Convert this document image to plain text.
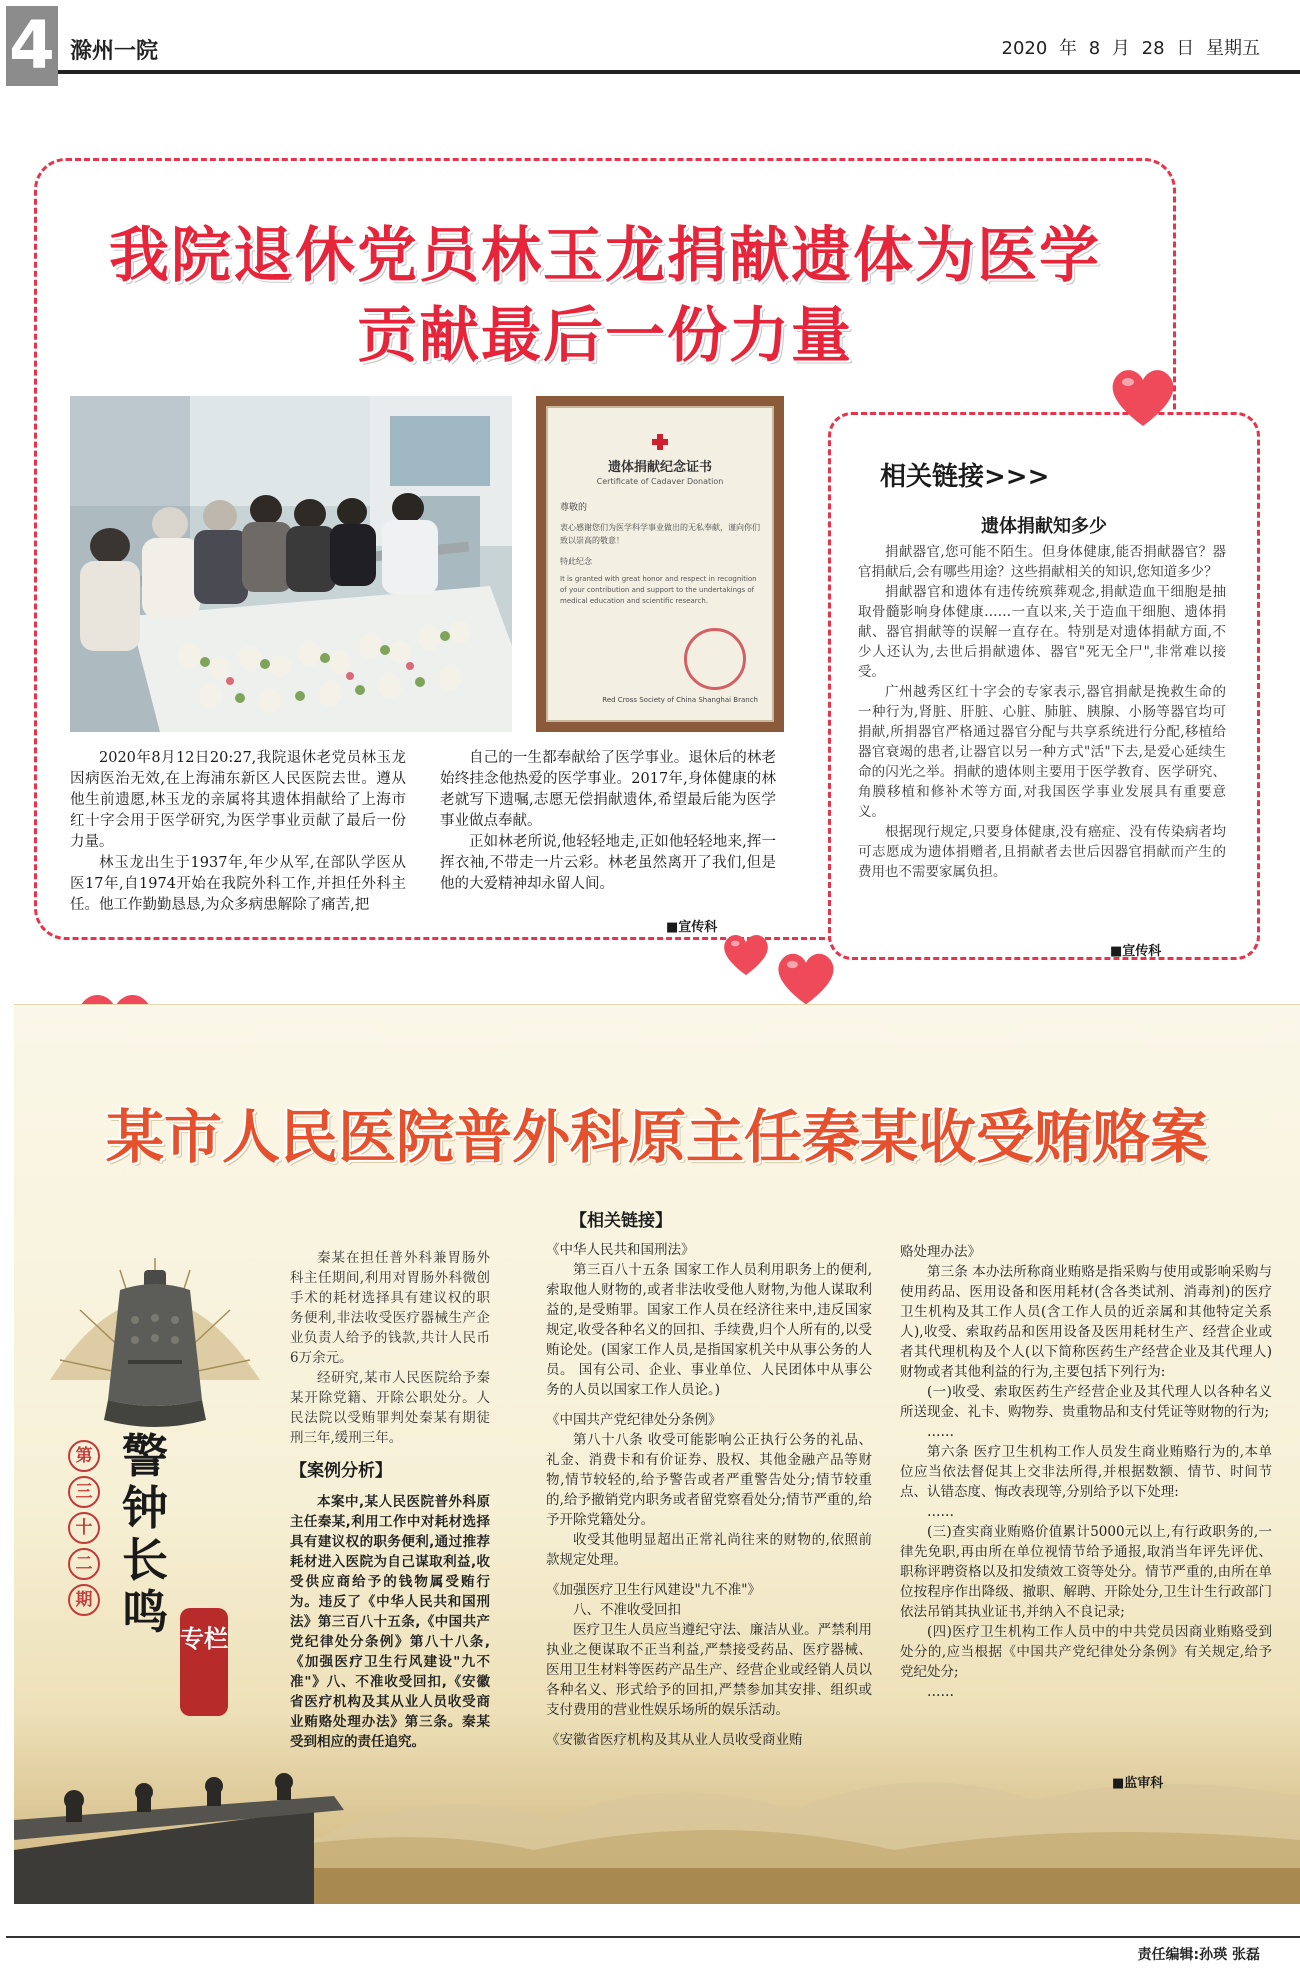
4 滁州一院	2020 年 8 月 28 日 星期五
我院退休党员林玉龙捐献遗体为医学
贡献最后一份力量
遗体捐献纪念证书
Certificate of Cadaver Donation
尊敬的
衷心感谢您们为医学科学事业做出的无私奉献，谨向你们致以崇高的敬意！
特此纪念
It is granted with great honor and respect in recognition of your contribution and support to the undertakings of medical education and scientific research.
Red Cross Society of China Shanghai Branch

2020年8月12日20:27,我院退休老党员林玉龙因病医治无效,在上海浦东新区人民医院去世。遵从他生前遗愿,林玉龙的亲属将其遗体捐献给了上海市红十字会用于医学研究,为医学事业贡献了最后一份力量。

林玉龙出生于1937年,年少从军,在部队学医从医17年,自1974开始在我院外科工作,并担任外科主任。他工作勤勤恳恳,为众多病患解除了痛苦,把

自己的一生都奉献给了医学事业。退休后的林老始终挂念他热爱的医学事业。2017年,身体健康的林老就写下遗嘱,志愿无偿捐献遗体,希望最后能为医学事业做点奉献。

正如林老所说,他轻轻地走,正如他轻轻地来,挥一挥衣袖,不带走一片云彩。林老虽然离开了我们,但是他的大爱精神却永留人间。

■宣传科
相关链接>>>
遗体捐献知多少

捐献器官,您可能不陌生。但身体健康,能否捐献器官？器官捐献后,会有哪些用途？这些捐献相关的知识,您知道多少？

捐献器官和遗体有违传统殡葬观念,捐献造血干细胞是抽取骨髓影响身体健康……一直以来,关于造血干细胞、遗体捐献、器官捐献等的误解一直存在。特别是对遗体捐献方面,不少人还认为,去世后捐献遗体、器官"死无全尸",非常难以接受。

广州越秀区红十字会的专家表示,器官捐献是挽救生命的一种行为,肾脏、肝脏、心脏、肺脏、胰腺、小肠等器官均可捐献,所捐器官严格通过器官分配与共享系统进行分配,移植给器官衰竭的患者,让器官以另一种方式"活"下去,是爱心延续生命的闪光之举。捐献的遗体则主要用于医学教育、医学研究、角膜移植和修补术等方面,对我国医学事业发展具有重要意义。

根据现行规定,只要身体健康,没有癌症、没有传染病者均可志愿成为遗体捐赠者,且捐献者去世后因器官捐献而产生的费用也不需要家属负担。

■宣传科
某市人民医院普外科原主任秦某收受贿赂案
第
三
十
二
期
警钟长鸣 专栏

秦某在担任普外科兼胃肠外科主任期间,利用对胃肠外科微创手术的耗材选择具有建议权的职务便利,非法收受医疗器械生产企业负责人给予的钱款,共计人民币6万余元。

经研究,某市人民医院给予秦某开除党籍、开除公职处分。人民法院以受贿罪判处秦某有期徒刑三年,缓刑三年。

【案例分析】

本案中,某人民医院普外科原主任秦某,利用工作中对耗材选择具有建议权的职务便利,通过推荐耗材进入医院为自己谋取利益,收受供应商给予的钱物属受贿行为。违反了《中华人民共和国刑法》第三百八十五条,《中国共产党纪律处分条例》第八十八条,《加强医疗卫生行风建设"九不准"》八、不准收受回扣,《安徽省医疗机构及其从业人员收受商业贿赂处理办法》第三条。秦某受到相应的责任追究。

【相关链接】

《中华人民共和国刑法》

第三百八十五条 国家工作人员利用职务上的便利,索取他人财物的,或者非法收受他人财物,为他人谋取利益的,是受贿罪。国家工作人员在经济往来中,违反国家规定,收受各种名义的回扣、手续费,归个人所有的,以受贿论处。(国家工作人员,是指国家机关中从事公务的人员。 国有公司、企业、事业单位、人民团体中从事公务的人员以国家工作人员论。)

《中国共产党纪律处分条例》

第八十八条 收受可能影响公正执行公务的礼品、礼金、消费卡和有价证券、股权、其他金融产品等财物,情节较轻的,给予警告或者严重警告处分;情节较重的,给予撤销党内职务或者留党察看处分;情节严重的,给予开除党籍处分。

收受其他明显超出正常礼尚往来的财物的,依照前款规定处理。

《加强医疗卫生行风建设"九不准"》

八、不准收受回扣

医疗卫生人员应当遵纪守法、廉洁从业。严禁利用执业之便谋取不正当利益,严禁接受药品、医疗器械、医用卫生材料等医药产品生产、经营企业或经销人员以各种名义、形式给予的回扣,严禁参加其安排、组织或支付费用的营业性娱乐场所的娱乐活动。

《安徽省医疗机构及其从业人员收受商业贿

赂处理办法》

第三条 本办法所称商业贿赂是指采购与使用或影响采购与使用药品、医用设备和医用耗材(含各类试剂、消毒剂)的医疗卫生机构及其工作人员(含工作人员的近亲属和其他特定关系人),收受、索取药品和医用设备及医用耗材生产、经营企业或者其代理机构及个人(以下简称医药生产经营企业及其代理人)财物或者其他利益的行为,主要包括下列行为:

(一)收受、索取医药生产经营企业及其代理人以各种名义所送现金、礼卡、购物券、贵重物品和支付凭证等财物的行为;

……

第六条 医疗卫生机构工作人员发生商业贿赂行为的,本单位应当依法督促其上交非法所得,并根据数额、情节、时间节点、认错态度、悔改表现等,分别给予以下处理:

……

(三)查实商业贿赂价值累计5000元以上,有行政职务的,一律先免职,再由所在单位视情节给予通报,取消当年评先评优、职称评聘资格以及扣发绩效工资等处分。情节严重的,由所在单位按程序作出降级、撤职、解聘、开除处分,卫生计生行政部门依法吊销其执业证书,并纳入不良记录;

(四)医疗卫生机构工作人员中的中共党员因商业贿赂受到处分的,应当根据《中国共产党纪律处分条例》有关规定,给予党纪处分;

……

■监审科
责任编辑:孙瑛 张磊
